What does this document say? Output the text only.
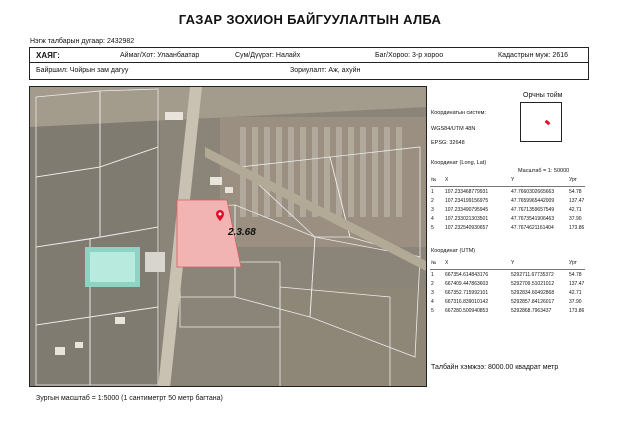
ГАЗАР ЗОХИОН БАЙГУУЛАЛТЫН АЛБА
Нэгж талбарын дугаар: 2432982
ХАЯГ:	Аймаг/Хот: Улаанбаатар	Сум/Дүүрэг: Налайх	Баг/Хороо: 3-р хороо	Кадастрын муж: 2616
Байршил: Чойрын зам дагуу	Зориулалт: Аж, ахуйн
2.3.68
Орчны тойм
Координатын систем:
WGS84/UTM 48N
EPSG: 32648
Координат (Long, Lat)
Масштаб = 1: 50000
№ X	Y	Урт
1 107.233468779931	47.7660302665663	54.78
2 107.234199156975	47.7659965442009	137.47
3 107.233490795945	47.7671359657549	42.71
4 107.233021303501	47.7673541906463	37.90
5 107.232540930657	47.7674621161404	173.86
Координат (UTM)
№ X	Y	Урт
1 667354.614843176	5292711.67735372	54.78
2 667409.447863603	5292709.51021012	137.47
3 667352.715992101	5292834.60492868	42.71
4 667316.839010142	5292857.84126017	37.90
5 667280.500940853	5292868.7963437	173.86
Талбайн хэмжээ: 8000.00 квадрат метр
Зургын масштаб = 1:5000 (1 сантиметрт 50 метр багтана)
